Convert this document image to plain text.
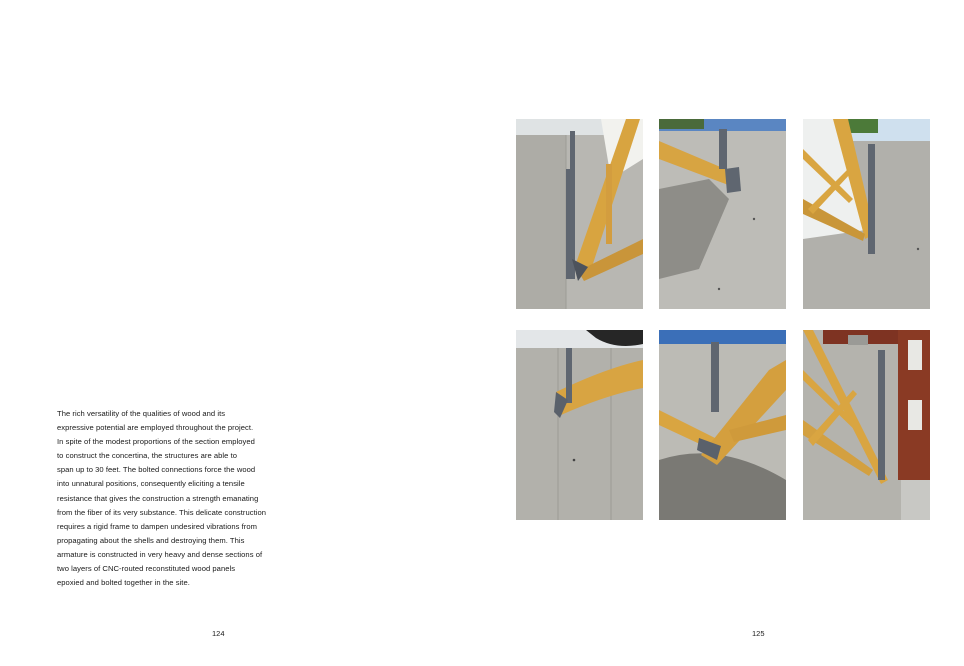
The rich versatility of the qualities of wood and its
expressive potential are employed throughout the project.
In spite of the modest proportions of the section employed
to construct the concertina, the structures are able to
span up to 30 feet. The bolted connections force the wood
into unnatural positions, consequently eliciting a tensile
resistance that gives the construction a strength emanating
from the fiber of its very substance. This delicate construction
requires a rigid frame to dampen undesired vibrations from
propagating about the shells and destroying them. This
armature is constructed in very heavy and dense sections of
two layers of CNC-routed reconstituted wood panels
epoxied and bolted together in the site.
124	125
